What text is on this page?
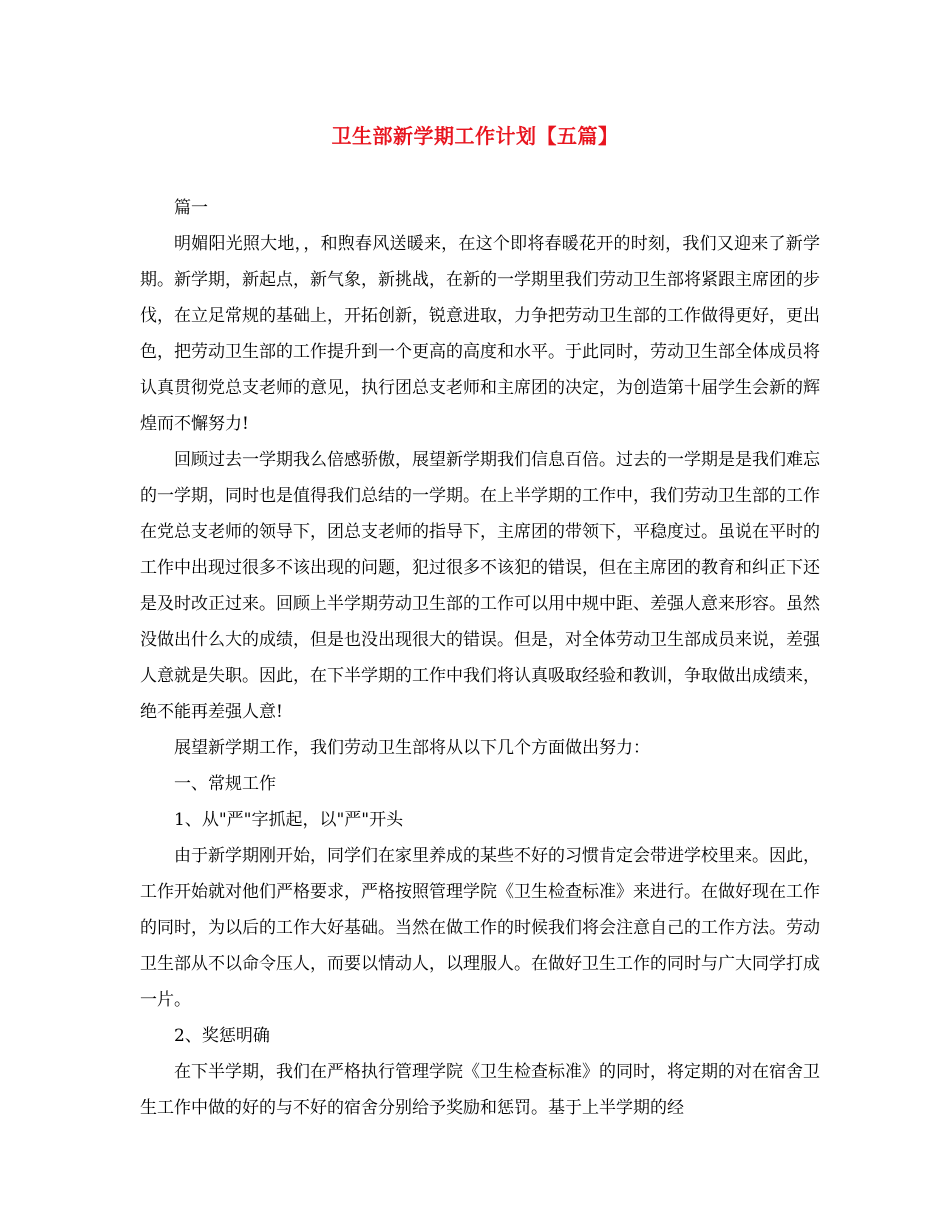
卫生部新学期工作计划【五篇】

篇一

明媚阳光照大地，，和煦春风送暖来，在这个即将春暖花开的时刻，我们又迎来了新学期。新学期，新起点，新气象，新挑战，在新的一学期里我们劳动卫生部将紧跟主席团的步伐，在立足常规的基础上，开拓创新，锐意进取，力争把劳动卫生部的工作做得更好，更出色，把劳动卫生部的工作提升到一个更高的高度和水平。于此同时，劳动卫生部全体成员将认真贯彻党总支老师的意见，执行团总支老师和主席团的决定，为创造第十届学生会新的辉煌而不懈努力!

回顾过去一学期我么倍感骄傲，展望新学期我们信息百倍。过去的一学期是是我们难忘的一学期，同时也是值得我们总结的一学期。在上半学期的工作中，我们劳动卫生部的工作在党总支老师的领导下，团总支老师的指导下，主席团的带领下，平稳度过。虽说在平时的工作中出现过很多不该出现的问题，犯过很多不该犯的错误，但在主席团的教育和纠正下还是及时改正过来。回顾上半学期劳动卫生部的工作可以用中规中距、差强人意来形容。虽然没做出什么大的成绩，但是也没出现很大的错误。但是，对全体劳动卫生部成员来说，差强人意就是失职。因此，在下半学期的工作中我们将认真吸取经验和教训，争取做出成绩来，绝不能再差强人意!

展望新学期工作，我们劳动卫生部将从以下几个方面做出努力：

一、常规工作

1、从"严"字抓起，以"严"开头

由于新学期刚开始，同学们在家里养成的某些不好的习惯肯定会带进学校里来。因此，工作开始就对他们严格要求，严格按照管理学院《卫生检查标准》来进行。在做好现在工作的同时，为以后的工作大好基础。当然在做工作的时候我们将会注意自己的工作方法。劳动卫生部从不以命令压人，而要以情动人，以理服人。在做好卫生工作的同时与广大同学打成一片。

2、奖惩明确

在下半学期，我们在严格执行管理学院《卫生检查标准》的同时，将定期的对在宿舍卫生工作中做的好的与不好的宿舍分别给予奖励和惩罚。基于上半学期的经
